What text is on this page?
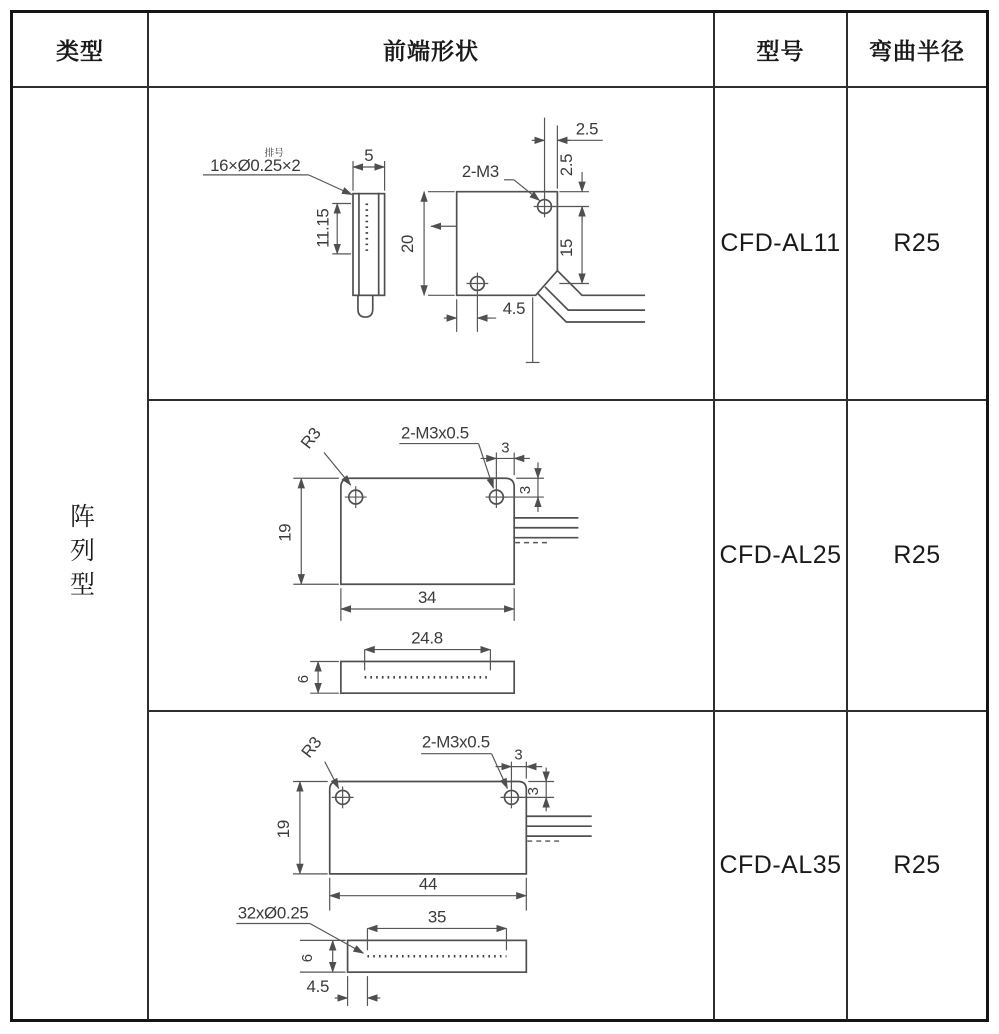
类型	前端形状	型号	弯曲半径
阵列型
5
11.15
16×Ø0.25×2
排号
2-M3
2.5
2.5
15
20
4.5
CFD-AL11 R25
R3	2-M3x0.5
3
3
19
34
24.8
6
CFD-AL25 R25
R3	2-M3x0.5
3
3
19
44
35
32xØ0.25
6
4.5
CFD-AL35 R25
